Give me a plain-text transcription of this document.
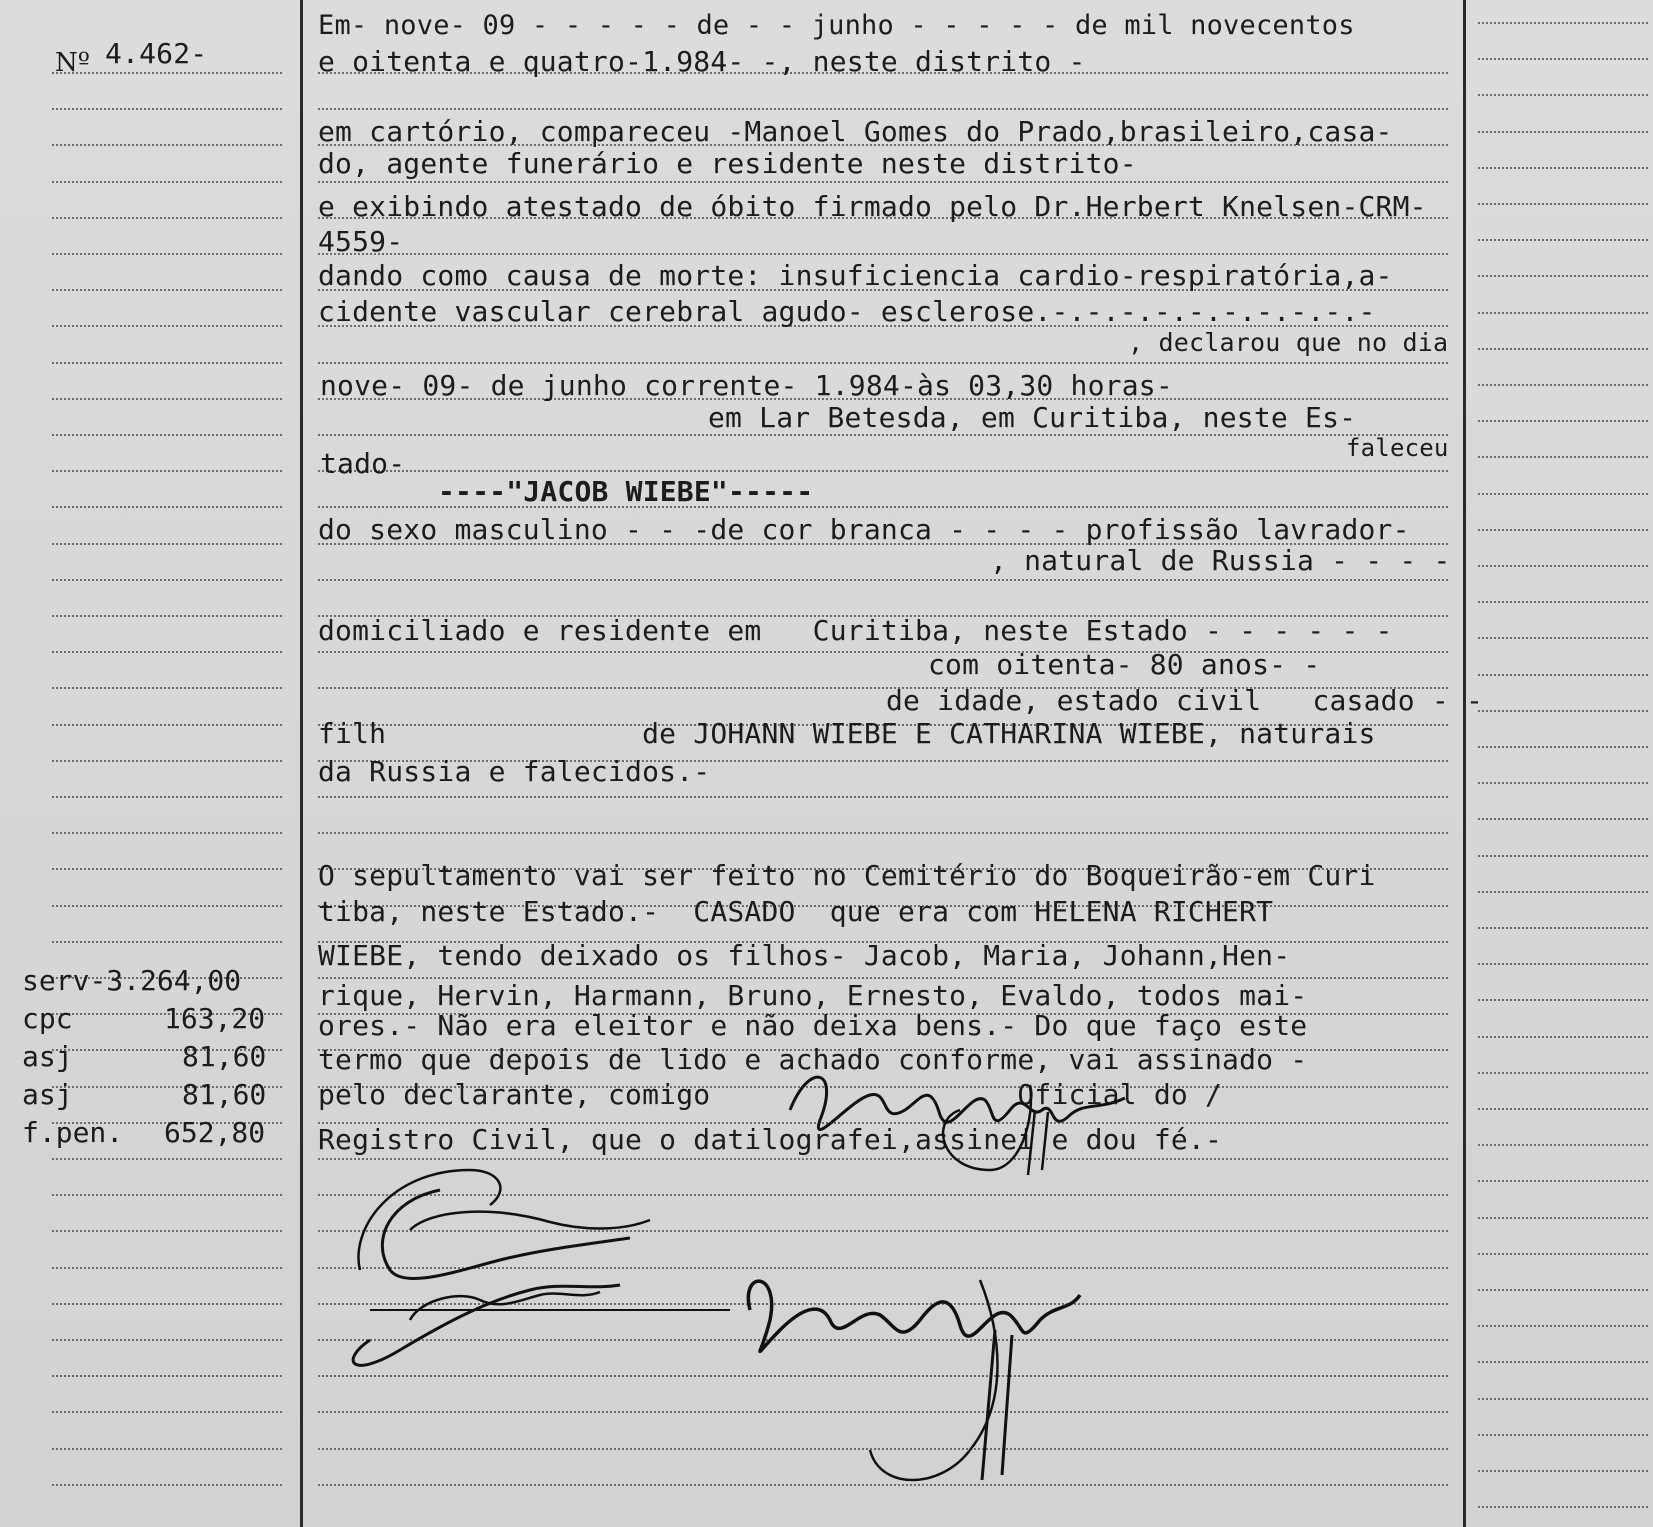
Nº 4.462-
serv-3.264,00
cpc	163,20
asj	81,60
asj	81,60
f.pen. 652,80
Em- nove- 09 - - - - - de - - junho - - - - - de mil novecentos
e oitenta e quatro-1.984- -, neste distrito -
em cartório, compareceu -Manoel Gomes do Prado,brasileiro,casa-
do, agente funerário e residente neste distrito-
e exibindo atestado de óbito firmado pelo Dr.Herbert Knelsen-CRM-
4559-
dando como causa de morte: insuficiencia cardio-respiratória,a-
cidente vascular cerebral agudo- esclerose.-.-.-.-.-.-.-.-.-.-
, declarou que no dia
nove- 09- de junho corrente- 1.984-às 03,30 horas-
em Lar Betesda, em Curitiba, neste Es-
faleceu
tado-
----"JACOB WIEBE"-----
do sexo masculino - - -de cor branca - - - - profissão lavrador-
, natural de Russia - - - -
domiciliado e residente em   Curitiba, neste Estado - - - - - -
com oitenta- 80 anos- -
de idade, estado civil   casado - -
filh               de JOHANN WIEBE E CATHARINA WIEBE, naturais
da Russia e falecidos.-
O sepultamento vai ser feito no Cemitério do Boqueirão-em Curi
tiba, neste Estado.-  CASADO  que era com HELENA RICHERT
WIEBE, tendo deixado os filhos- Jacob, Maria, Johann,Hen-
rique, Hervin, Harmann, Bruno, Ernesto, Evaldo, todos mai-
ores.- Não era eleitor e não deixa bens.- Do que faço este
termo que depois de lido e achado conforme, vai assinado -
pelo declarante, comigo                  Oficial do /
Registro Civil, que o datilografei,assinei e dou fé.-
